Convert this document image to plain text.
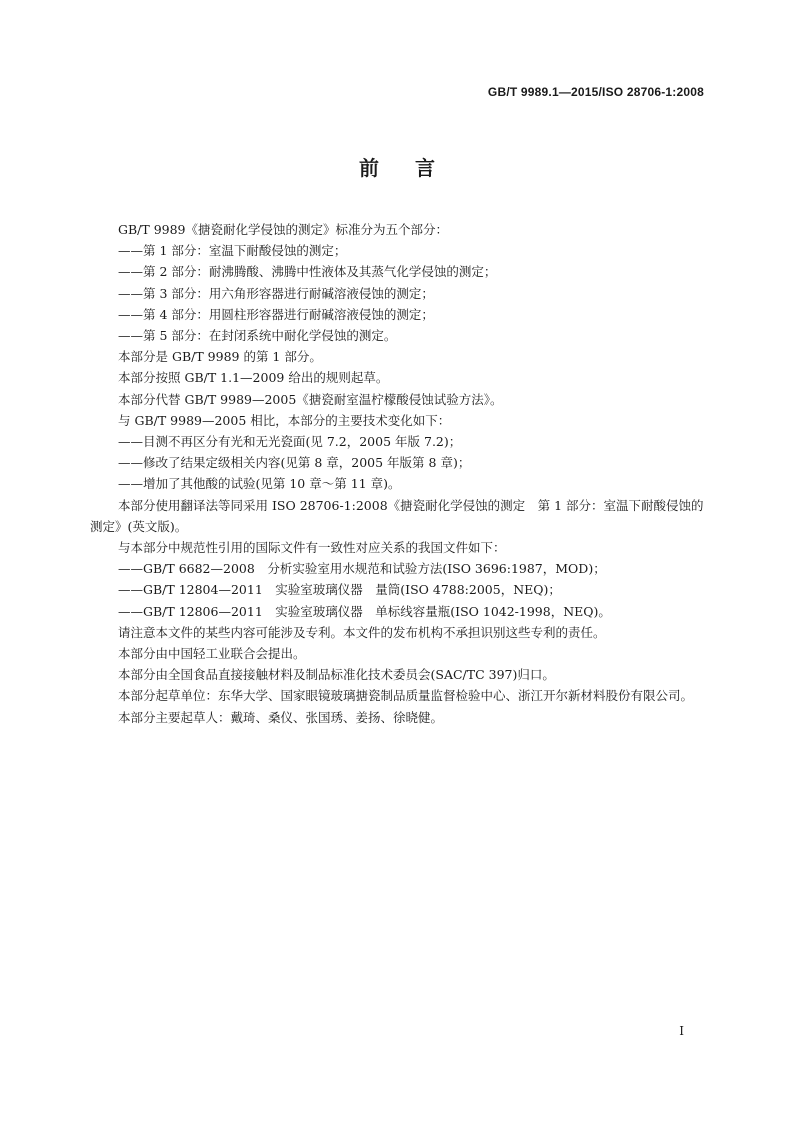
GB/T 9989.1—2015/ISO 28706-1:2008
前言

GB/T 9989《搪瓷耐化学侵蚀的测定》标准分为五个部分：

——第 1 部分：室温下耐酸侵蚀的测定；

——第 2 部分：耐沸腾酸、沸腾中性液体及其蒸气化学侵蚀的测定；

——第 3 部分：用六角形容器进行耐碱溶液侵蚀的测定；

——第 4 部分：用圆柱形容器进行耐碱溶液侵蚀的测定；

——第 5 部分：在封闭系统中耐化学侵蚀的测定。

本部分是 GB/T 9989 的第 1 部分。

本部分按照 GB/T 1.1—2009 给出的规则起草。

本部分代替 GB/T 9989—2005《搪瓷耐室温柠檬酸侵蚀试验方法》。

与 GB/T 9989—2005 相比，本部分的主要技术变化如下：

——目测不再区分有光和无光瓷面(见 7.2，2005 年版 7.2)；

——修改了结果定级相关内容(见第 8 章，2005 年版第 8 章)；

——增加了其他酸的试验(见第 10 章～第 11 章)。

本部分使用翻译法等同采用 ISO 28706-1:2008《搪瓷耐化学侵蚀的测定　第 1 部分：室温下耐酸侵蚀的测定》(英文版)。

与本部分中规范性引用的国际文件有一致性对应关系的我国文件如下：

——GB/T 6682—2008　分析实验室用水规范和试验方法(ISO 3696:1987，MOD)；

——GB/T 12804—2011　实验室玻璃仪器　量筒(ISO 4788:2005，NEQ)；

——GB/T 12806—2011　实验室玻璃仪器　单标线容量瓶(ISO 1042-1998，NEQ)。

请注意本文件的某些内容可能涉及专利。本文件的发布机构不承担识别这些专利的责任。

本部分由中国轻工业联合会提出。

本部分由全国食品直接接触材料及制品标准化技术委员会(SAC/TC 397)归口。

本部分起草单位：东华大学、国家眼镜玻璃搪瓷制品质量监督检验中心、浙江开尔新材料股份有限公司。

本部分主要起草人：戴琦、桑仪、张国琇、姜扬、徐晓健。

I
